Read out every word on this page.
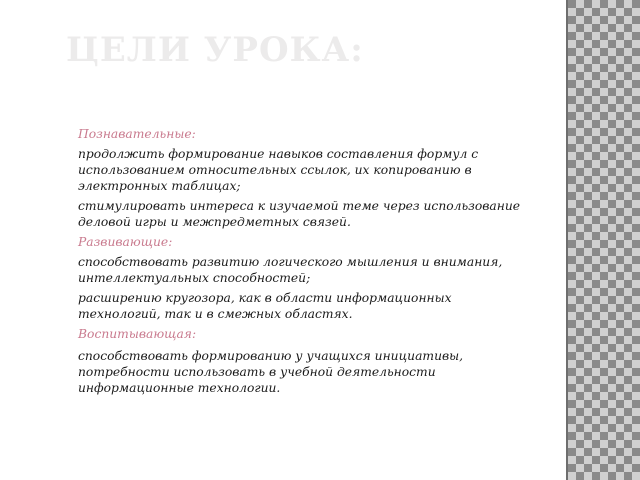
ЦЕЛИ УРОКА:

Познавательные:

продолжить формирование навыков составления формул с использованием относительных ссылок, их копированию в электронных таблицах;

стимулировать интереса к изучаемой теме через использование деловой игры и межпредметных связей.

Развивающие:

способствовать развитию логического мышления и внимания, интеллектуальных способностей;

расширению кругозора, как в области информационных технологий, так и в смежных областях.

Воспитывающая:

способствовать формированию у учащихся инициативы, потребности использовать в учебной деятельности информационные технологии.
